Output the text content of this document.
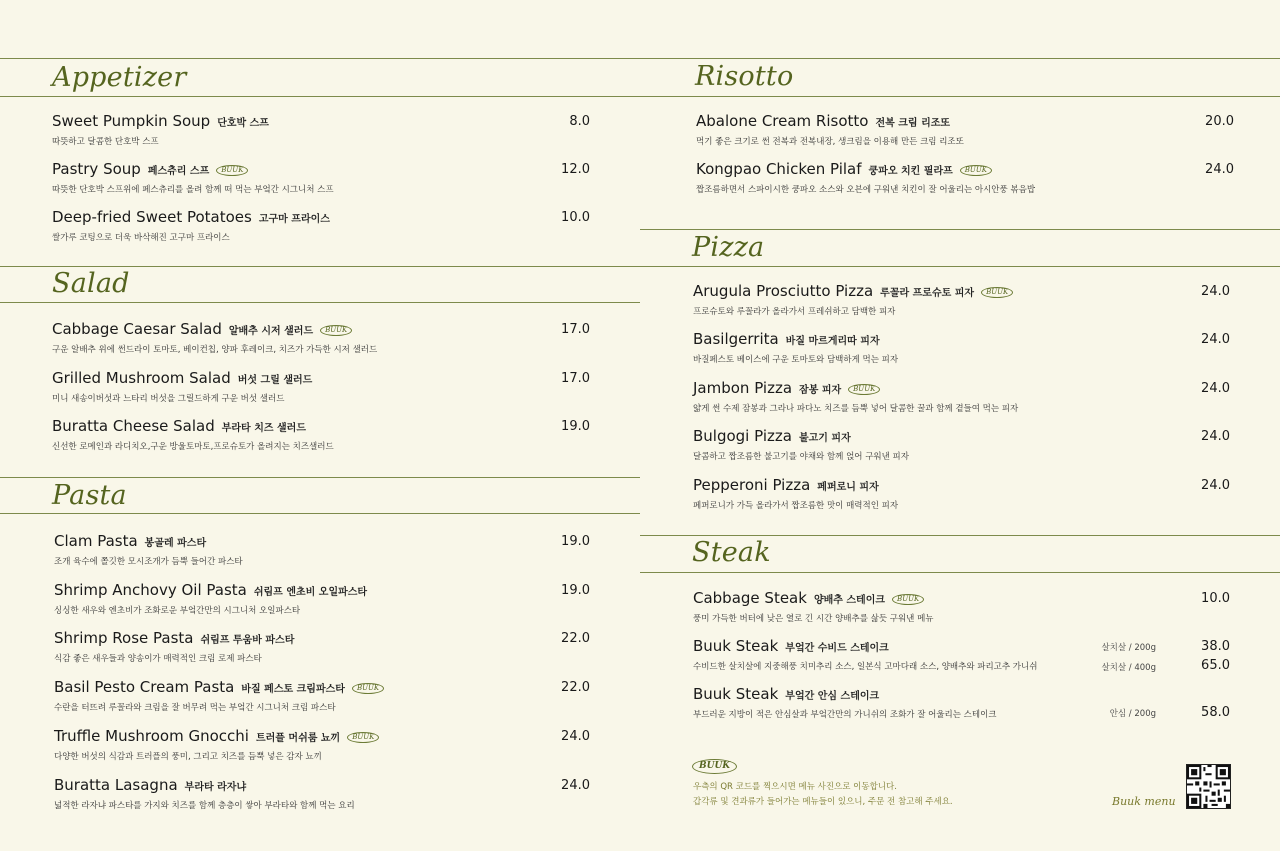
Appetizer
Salad
Pasta
Risotto
Pizza
Steak
Sweet Pumpkin Soup 단호박 스프
따뜻하고 달콤한 단호박 스프
8.0
Pastry Soup 페스츄리 스프	BUUK
따뜻한 단호박 스프위에 페스츄리를 올려 함께 떠 먹는 부엌간 시그니처 스프
12.0
Deep-fried Sweet Potatoes 고구마 프라이스
쌀가루 코팅으로 더욱 바삭해진 고구마 프라이스
10.0
Cabbage Caesar Salad 알배추 시저 샐러드	BUUK
구운 알배추 위에 썬드라이 토마토, 베이컨칩, 양파 후레이크, 치즈가 가득한 시저 샐러드
17.0
Grilled Mushroom Salad 버섯 그릴 샐러드
미니 새송이버섯과 느타리 버섯을 그릴드하게 구운 버섯 샐러드
17.0
Buratta Cheese Salad 부라타 치즈 샐러드
신선한 로메인과 라디치오,구운 방울토마토,프로슈토가 올려지는 치즈샐러드
19.0
Clam Pasta 봉골레 파스타
조개 육수에 쫄깃한 모시조개가 듬뿍 들어간 파스타
19.0
Shrimp Anchovy Oil Pasta 쉬림프 엔초비 오일파스타
싱싱한 새우와 엔초비가 조화로운 부엌간만의 시그니처 오일파스타
19.0
Shrimp Rose Pasta 쉬림프 투움바 파스타
식감 좋은 새우들과 양송이가 매력적인 크림 로제 파스타
22.0
Basil Pesto Cream Pasta 바질 페스토 크림파스타	BUUK
수란을 터뜨려 루꼴라와 크림을 잘 버무려 먹는 부엌간 시그니처 크림 파스타
22.0
Truffle Mushroom Gnocchi 트러플 머쉬룸 뇨끼	BUUK
다양한 버섯의 식감과 트러플의 풍미, 그리고 치즈를 듬뿍 넣은 감자 뇨끼
24.0
Buratta Lasagna 부라타 라자냐
넓적한 라자냐 파스타를 가지와 치즈를 함께 층층이 쌓아 부라타와 함께 먹는 요리
24.0
Abalone Cream Risotto 전복 크림 리조또
먹기 좋은 크기로 썬 전복과 전복내장, 생크림을 이용해 만든 크림 리조또
20.0
Kongpao Chicken Pilaf 쿵파오 치킨 필라프	BUUK
짭조름하면서 스파이시한 쿵파오 소스와 오븐에 구워낸 치킨이 잘 어울리는 아시안풍 볶음밥
24.0
Arugula Prosciutto Pizza 루꼴라 프로슈토 피자	BUUK
프로슈토와 루꼴라가 올라가서 프레쉬하고 담백한 피자
24.0
Basilgerrita 바질 마르게리따 피자
바질페스토 베이스에 구운 토마토와 담백하게 먹는 피자
24.0
Jambon Pizza 잠봉 피자	BUUK
얇게 썬 수제 잠봉과 그라나 파다노 치즈를 듬뿍 넣어 달콤한 꿀과 함께 곁들여 먹는 피자
24.0
Bulgogi Pizza 불고기 피자
달콤하고 짭조름한 불고기를 야채와 함께 얹어 구워낸 피자
24.0
Pepperoni Pizza 페퍼로니 피자
페퍼로니가 가득 올라가서 짭조름한 맛이 매력적인 피자
24.0
Cabbage Steak 양배추 스테이크	BUUK
풍미 가득한 버터에 낮은 열로 긴 시간 양배추를 삶듯 구워낸 메뉴
10.0
Buuk Steak 부엌간 수비드 스테이크
수비드한 살치살에 지중해풍 치미추리 소스, 일본식 고마다래 소스, 양배추와 파리고추 가니쉬
살치살 / 200g	38.0
살치살 / 400g	65.0
Buuk Steak 부엌간 안심 스테이크
부드러운 지방이 적은 안심살과 부엌간만의 가니쉬의 조화가 잘 어울리는 스테이크	안심 / 200g	58.0
BUUK
우측의 QR 코드를 찍으시면 메뉴 사진으로 이동합니다.
갑각류 및 견과류가 들어가는 메뉴들이 있으니, 주문 전 참고해 주세요.	Buuk menu
